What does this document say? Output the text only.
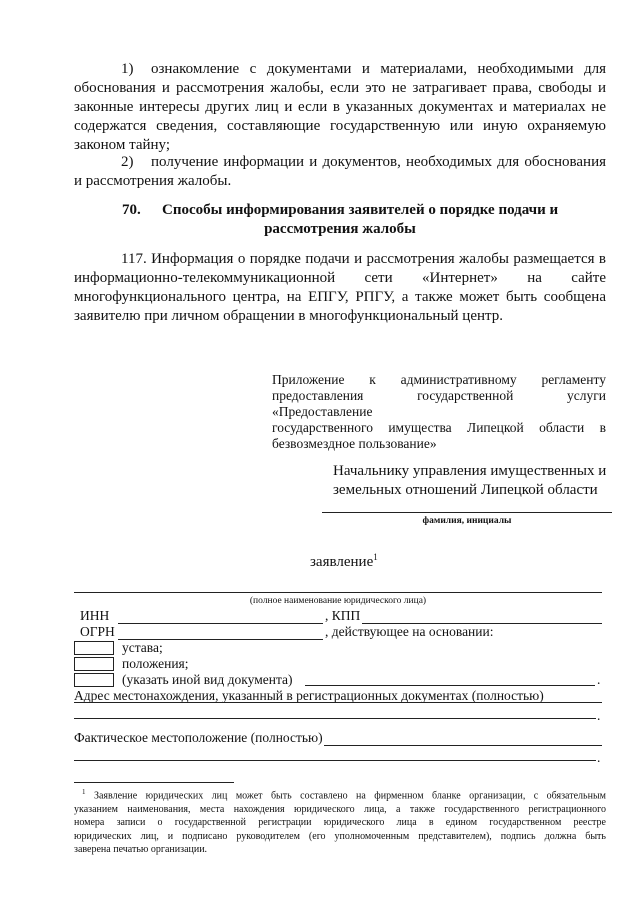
1) ознакомление с документами и материалами, необходимыми для
обоснования и рассмотрения жалобы, если это не затрагивает права, свободы и
законные интересы других лиц и если в указанных документах и материалах не
содержатся сведения, составляющие государственную или иную охраняемую
законом тайну;
2) получение информации и документов, необходимых для обоснования
и рассмотрения жалобы.
70. Способы информирования заявителей о порядке подачи и
рассмотрения жалобы
117. Информация о порядке подачи и рассмотрения жалобы размещается в
информационно-телекоммуникационной сети «Интернет» на сайте
многофункционального центра, на ЕПГУ, РПГУ, а также может быть сообщена
заявителю при личном обращении в многофункциональный центр.
Приложение к административному регламенту
предоставления государственной услуги «Предоставление
государственного имущества Липецкой области в
безвозмездное пользование»
Начальнику управления имущественных и
земельных отношений Липецкой области
фамилия, инициалы
заявление$^1$
(полное наименование юридического лица)
ИНН	, КПП
ОГРН	, действующее на основании:
устава;
положения;
(указать иной вид документа)	.
Адрес местонахождения, указанный в регистрационных документах (полностью)
.
Фактическое местоположение (полностью)
.
$^1$ Заявление юридических лиц может быть составлено на фирменном бланке организации, с обязательным
указанием наименования, места нахождения юридического лица, а также государственного регистрационного
номера записи о государственной регистрации юридического лица в едином государственном реестре
юридических лиц, и подписано руководителем (его уполномоченным представителем), подпись должна быть
заверена печатью организации.
